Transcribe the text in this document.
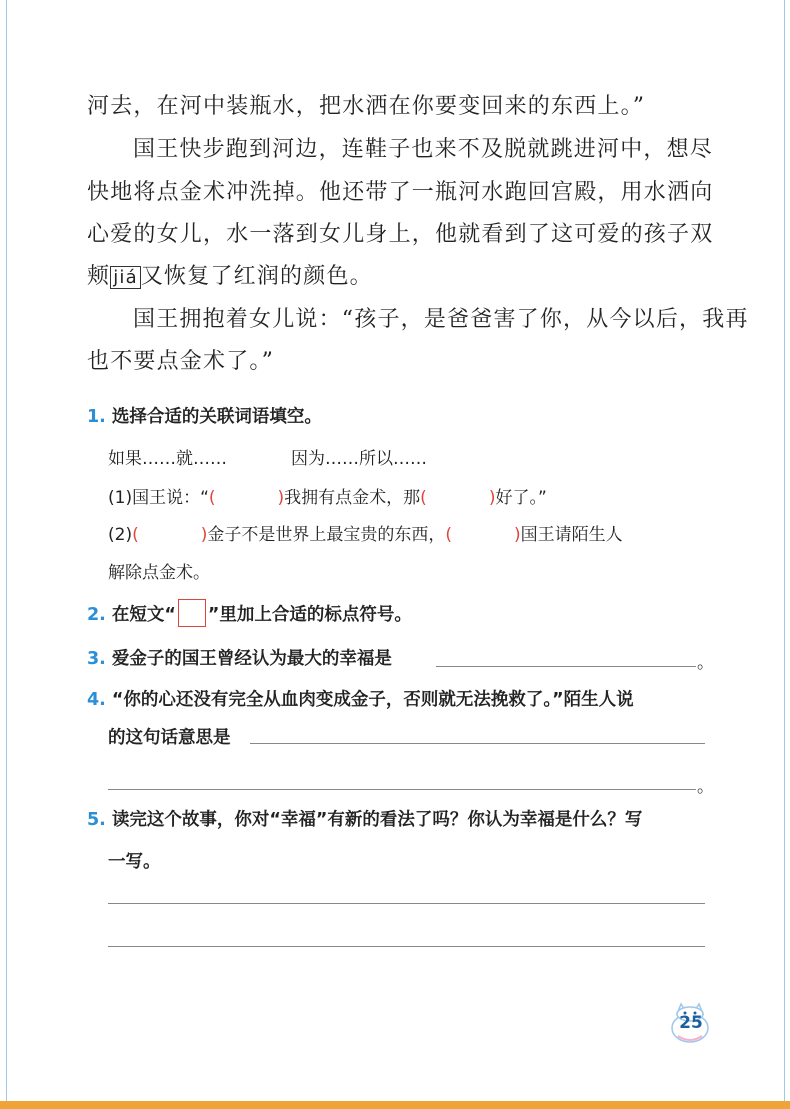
河去，在河中装瓶水，把水洒在你要变回来的东西上。”
国王快步跑到河边，连鞋子也来不及脱就跳进河中，想尽
快地将点金术冲洗掉。他还带了一瓶河水跑回宫殿，用水洒向
心爱的女儿，水一落到女儿身上，他就看到了这可爱的孩子双
颊 jiá 又恢复了红润的颜色。
国王拥抱着女儿说：“孩子，是爸爸害了你，从今以后，我再
也不要点金术了。”
1. 选择合适的关联词语填空。
如果……就……	因为……所以……
(1)国王说：“(	)我拥有点金术，那(	)好了。”
(2)(	)金子不是世界上最宝贵的东西，(	)国王请陌生人
解除点金术。
2. 在短文“ ”里加上合适的标点符号。
3. 爱金子的国王曾经认为最大的幸福是	。
4. “你的心还没有完全从血肉变成金子，否则就无法挽救了。”陌生人说
的这句话意思是
。
5. 读完这个故事，你对“幸福”有新的看法了吗？你认为幸福是什么？写
一写。
25
